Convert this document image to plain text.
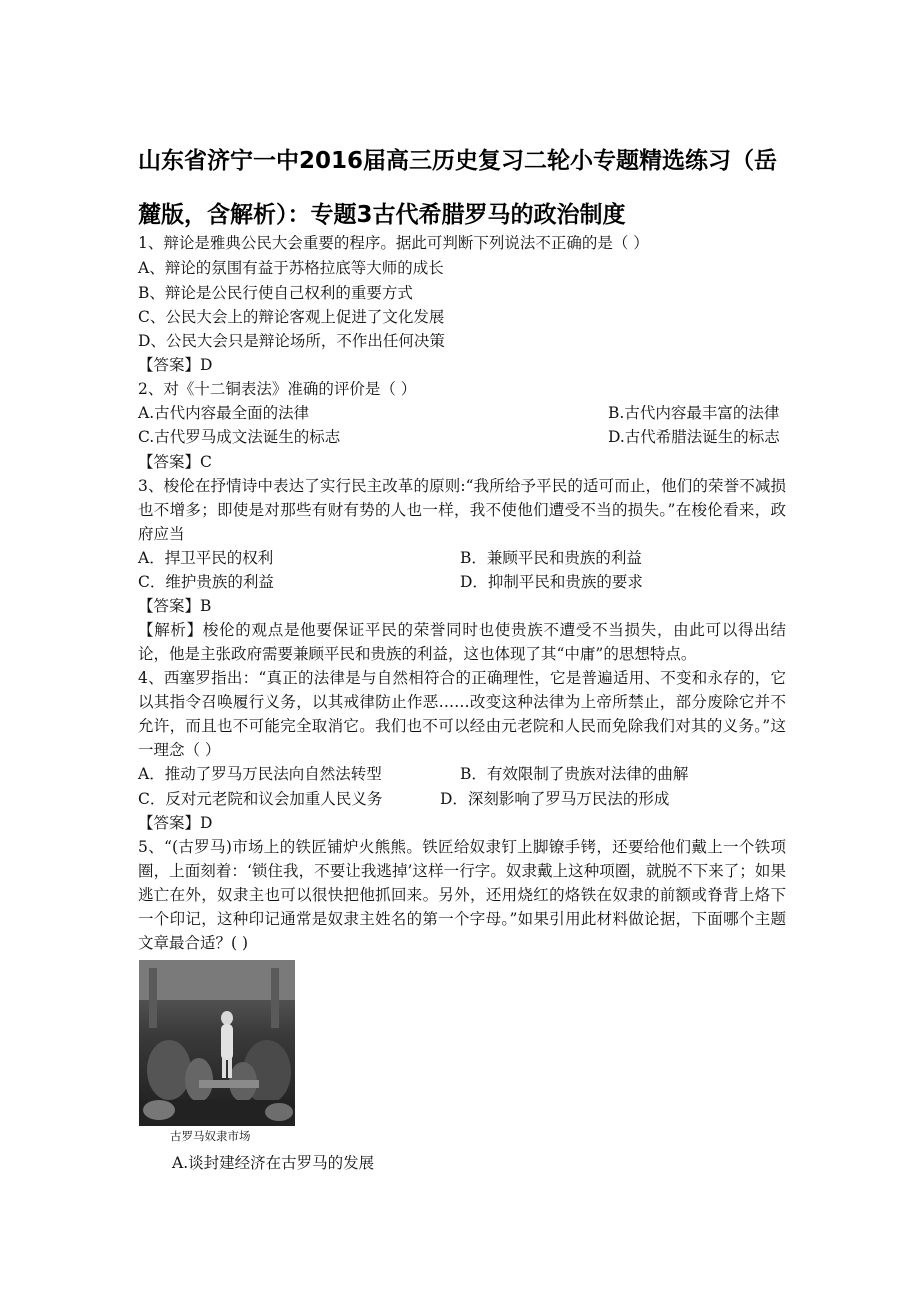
山东省济宁一中2016届高三历史复习二轮小专题精选练习（岳麓版，含解析）：专题3古代希腊罗马的政治制度
1、辩论是雅典公民大会重要的程序。据此可判断下列说法不正确的是（ ）
A、辩论的氛围有益于苏格拉底等大师的成长
B、辩论是公民行使自己权利的重要方式
C、公民大会上的辩论客观上促进了文化发展
D、公民大会只是辩论场所，不作出任何决策
【答案】D
2、对《十二铜表法》准确的评价是（ ）
A.古代内容最全面的法律	B.古代内容最丰富的法律
C.古代罗马成文法诞生的标志	D.古代希腊法诞生的标志
【答案】C
3、梭伦在抒情诗中表达了实行民主改革的原则:“我所给予平民的适可而止，他们的荣誉不减损也不增多；即使是对那些有财有势的人也一样，我不使他们遭受不当的损失。”在梭伦看来，政府应当
A．捍卫平民的权利	B．兼顾平民和贵族的利益
C．维护贵族的利益	D．抑制平民和贵族的要求
【答案】B
【解析】梭伦的观点是他要保证平民的荣誉同时也使贵族不遭受不当损失，由此可以得出结论，他是主张政府需要兼顾平民和贵族的利益，这也体现了其“中庸”的思想特点。
4、西塞罗指出：“真正的法律是与自然相符合的正确理性，它是普遍适用、不变和永存的，它以其指令召唤履行义务，以其戒律防止作恶……改变这种法律为上帝所禁止，部分废除它并不允许，而且也不可能完全取消它。我们也不可以经由元老院和人民而免除我们对其的义务。”这一理念（ ）
A．推动了罗马万民法向自然法转型	B．有效限制了贵族对法律的曲解
C．反对元老院和议会加重人民义务	D．深刻影响了罗马万民法的形成
【答案】D
5、“(古罗马)市场上的铁匠铺炉火熊熊。铁匠给奴隶钉上脚镣手铐，还要给他们戴上一个铁项圈，上面刻着：‘锁住我，不要让我逃掉’这样一行字。奴隶戴上这种项圈，就脱不下来了；如果逃亡在外，奴隶主也可以很快把他抓回来。另外，还用烧红的烙铁在奴隶的前额或脊背上烙下一个印记，这种印记通常是奴隶主姓名的第一个字母。”如果引用此材料做论据，下面哪个主题文章最合适？( )
古罗马奴隶市场
A.谈封建经济在古罗马的发展
